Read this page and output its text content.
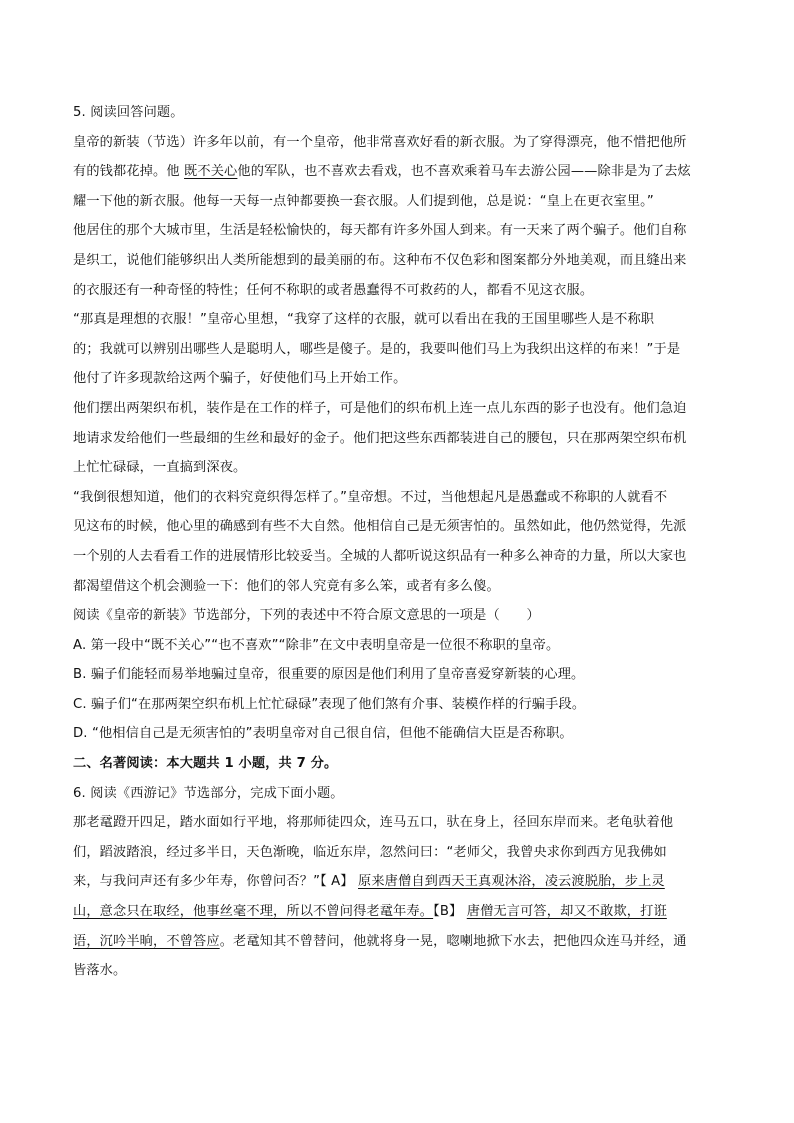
5. 阅读回答问题。
皇帝的新装（节选）许多年以前，有一个皇帝，他非常喜欢好看的新衣服。为了穿得漂亮，他不惜把他所
有的钱都花掉。他 既不关心他的军队，也不喜欢去看戏，也不喜欢乘着马车去游公园——除非是为了去炫
耀一下他的新衣服。他每一天每一点钟都要换一套衣服。人们提到他，总是说：“皇上在更衣室里。”
他居住的那个大城市里，生活是轻松愉快的，每天都有许多外国人到来。有一天来了两个骗子。他们自称
是织工，说他们能够织出人类所能想到的最美丽的布。这种布不仅色彩和图案都分外地美观，而且缝出来
的衣服还有一种奇怪的特性；任何不称职的或者愚蠢得不可救药的人，都看不见这衣服。
“那真是理想的衣服！”皇帝心里想，“我穿了这样的衣服，就可以看出在我的王国里哪些人是不称职
的；我就可以辨别出哪些人是聪明人，哪些是傻子。是的，我要叫他们马上为我织出这样的布来！”于是
他付了许多现款给这两个骗子，好使他们马上开始工作。
他们摆出两架织布机，装作是在工作的样子，可是他们的织布机上连一点儿东西的影子也没有。他们急迫
地请求发给他们一些最细的生丝和最好的金子。他们把这些东西都装进自己的腰包，只在那两架空织布机
上忙忙碌碌，一直搞到深夜。
“我倒很想知道，他们的衣料究竟织得怎样了。”皇帝想。不过，当他想起凡是愚蠢或不称职的人就看不
见这布的时候，他心里的确感到有些不大自然。他相信自己是无须害怕的。虽然如此，他仍然觉得，先派
一个别的人去看看工作的进展情形比较妥当。全城的人都听说这织品有一种多么神奇的力量，所以大家也
都渴望借这个机会测验一下：他们的邻人究竟有多么笨，或者有多么傻。
阅读《皇帝的新装》节选部分，下列的表述中不符合原文意思的一项是（　　）
A. 第一段中“既不关心”“也不喜欢”“除非”在文中表明皇帝是一位很不称职的皇帝。
B. 骗子们能轻而易举地骗过皇帝，很重要的原因是他们利用了皇帝喜爱穿新装的心理。
C. 骗子们“在那两架空织布机上忙忙碌碌”表现了他们煞有介事、装模作样的行骗手段。
D. “他相信自己是无须害怕的”表明皇帝对自己很自信，但他不能确信大臣是否称职。
二、名著阅读：本大题共 1 小题，共 7 分。
6. 阅读《西游记》节选部分，完成下面小题。
那老鼋蹬开四足，踏水面如行平地，将那师徒四众，连马五口，驮在身上，径回东岸而来。老龟驮着他
们，蹈波踏浪，经过多半日，天色渐晚，临近东岸，忽然问曰：“老师父，我曾央求你到西方见我佛如
来，与我问声还有多少年寿，你曾问否？”【 A】 原来唐僧自到西天王真观沐浴，凌云渡脱胎，步上灵
山，意念只在取经，他事丝毫不理，所以不曾问得老鼋年寿。【B】 唐僧无言可答，却又不敢欺，打诳
语，沉吟半晌，不曾答应。老鼋知其不曾替问，他就将身一晃，唿喇地掀下水去，把他四众连马并经，通
皆落水。
